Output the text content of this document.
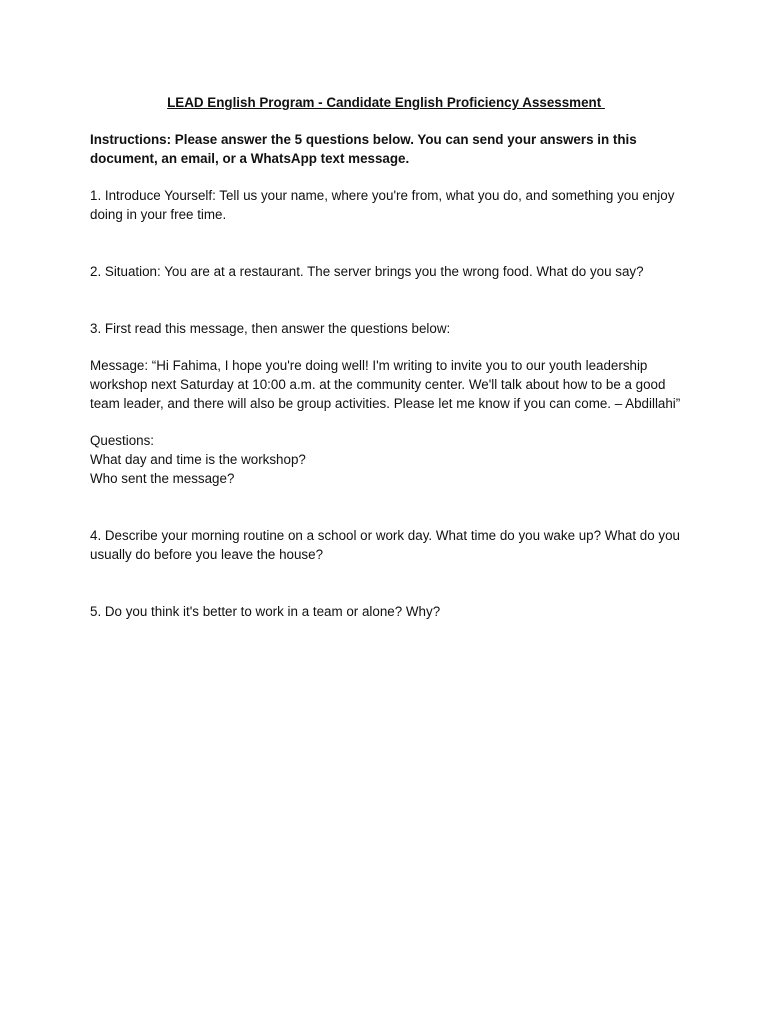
LEAD English Program - Candidate English Proficiency Assessment

Instructions: Please answer the 5 questions below. You can send your answers in this document, an email, or a WhatsApp text message.

1. Introduce Yourself: Tell us your name, where you're from, what you do, and something you enjoy doing in your free time.

2. Situation: You are at a restaurant. The server brings you the wrong food. What do you say?

3. First read this message, then answer the questions below:

Message: “Hi Fahima, I hope you're doing well! I'm writing to invite you to our youth leadership workshop next Saturday at 10:00 a.m. at the community center. We'll talk about how to be a good team leader, and there will also be group activities. Please let me know if you can come. – Abdillahi”

Questions:
What day and time is the workshop?
Who sent the message?

4. Describe your morning routine on a school or work day. What time do you wake up? What do you usually do before you leave the house?

5. Do you think it's better to work in a team or alone? Why?
